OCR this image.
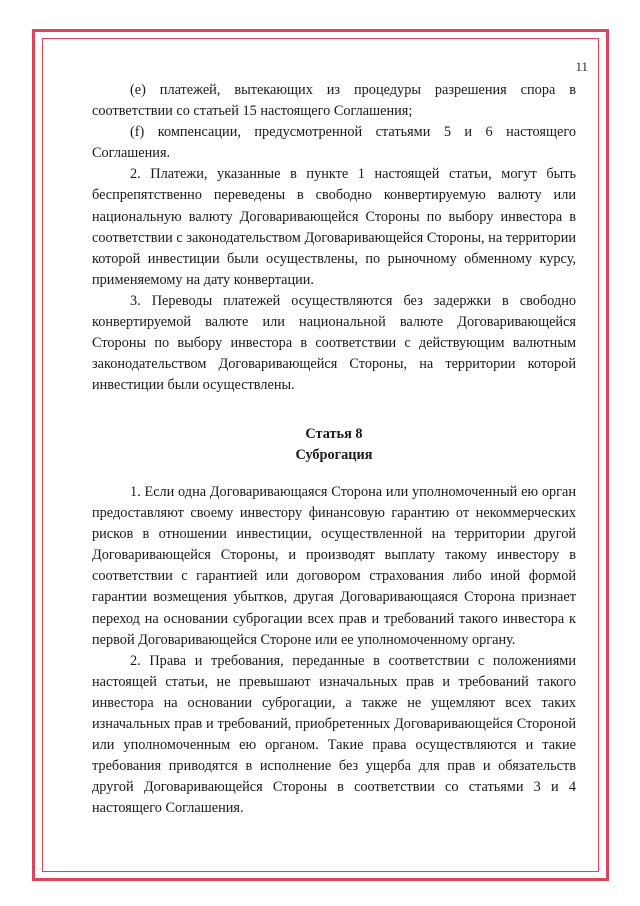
11

(e) платежей, вытекающих из процедуры разрешения спора в соответствии со статьей 15 настоящего Соглашения;

(f) компенсации, предусмотренной статьями 5 и 6 настоящего Соглашения.

2. Платежи, указанные в пункте 1 настоящей статьи, могут быть беспрепятственно переведены в свободно конвертируемую валюту или национальную валюту Договаривающейся Стороны по выбору инвестора в соответствии с законодательством Договаривающейся Стороны, на территории которой инвестиции были осуществлены, по рыночному обменному курсу, применяемому на дату конвертации.

3. Переводы платежей осуществляются без задержки в свободно конвертируемой валюте или национальной валюте Договаривающейся Стороны по выбору инвестора в соответствии с действующим валютным законодательством Договаривающейся Стороны, на территории которой инвестиции были осуществлены.

Статья 8
Суброгация

1. Если одна Договаривающаяся Сторона или уполномоченный ею орган предоставляют своему инвестору финансовую гарантию от некоммерческих рисков в отношении инвестиции, осуществленной на территории другой Договаривающейся Стороны, и производят выплату такому инвестору в соответствии с гарантией или договором страхования либо иной формой гарантии возмещения убытков, другая Договаривающаяся Сторона признает переход на основании суброгации всех прав и требований такого инвестора к первой Договаривающейся Стороне или ее уполномоченному органу.

2. Права и требования, переданные в соответствии с положениями настоящей статьи, не превышают изначальных прав и требований такого инвестора на основании суброгации, а также не ущемляют всех таких изначальных прав и требований, приобретенных Договаривающейся Стороной или уполномоченным ею органом. Такие права осуществляются и такие требования приводятся в исполнение без ущерба для прав и обязательств другой Договаривающейся Стороны в соответствии со статьями 3 и 4 настоящего Соглашения.
